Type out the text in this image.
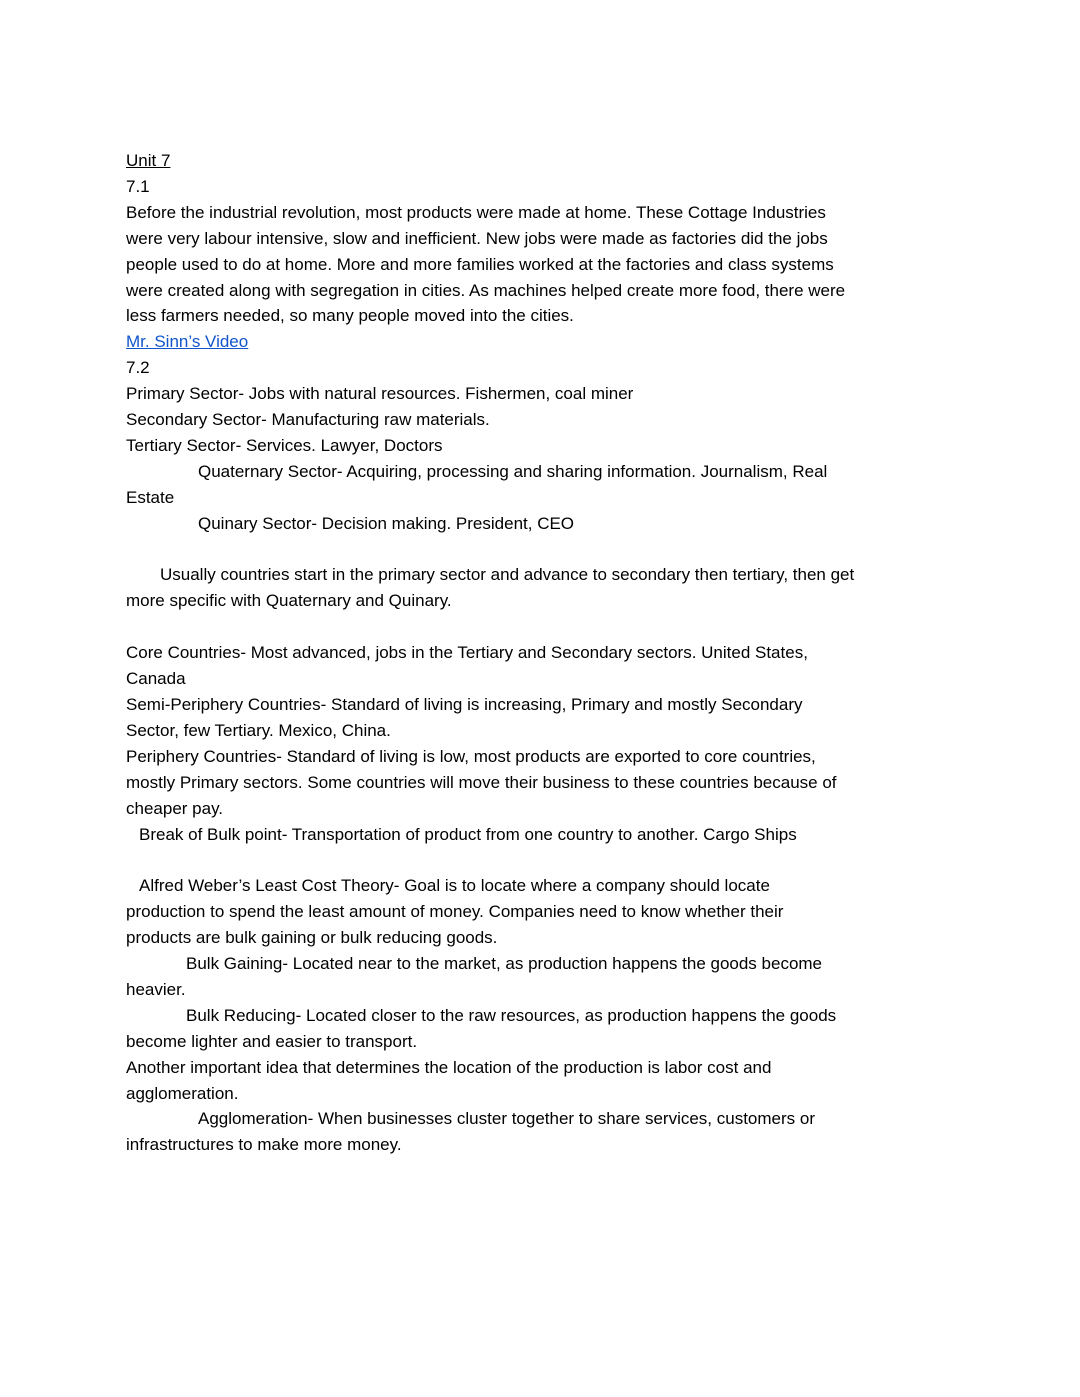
Unit 7
7.1
Before the industrial revolution, most products were made at home. These Cottage Industries
were very labour intensive, slow and inefficient. New jobs were made as factories did the jobs
people used to do at home. More and more families worked at the factories and class systems
were created along with segregation in cities. As machines helped create more food, there were
less farmers needed, so many people moved into the cities.
Mr. Sinn’s Video
7.2
Primary Sector- Jobs with natural resources. Fishermen, coal miner
Secondary Sector- Manufacturing raw materials.
Tertiary Sector- Services. Lawyer, Doctors
Quaternary Sector- Acquiring, processing and sharing information. Journalism, Real
Estate
Quinary Sector- Decision making. President, CEO
Usually countries start in the primary sector and advance to secondary then tertiary, then get
more specific with Quaternary and Quinary.
Core Countries- Most advanced, jobs in the Tertiary and Secondary sectors. United States,
Canada
Semi-Periphery Countries- Standard of living is increasing, Primary and mostly Secondary
Sector, few Tertiary. Mexico, China.
Periphery Countries- Standard of living is low, most products are exported to core countries,
mostly Primary sectors. Some countries will move their business to these countries because of
cheaper pay.
Break of Bulk point- Transportation of product from one country to another. Cargo Ships
Alfred Weber’s Least Cost Theory- Goal is to locate where a company should locate
production to spend the least amount of money. Companies need to know whether their
products are bulk gaining or bulk reducing goods.
Bulk Gaining- Located near to the market, as production happens the goods become
heavier.
Bulk Reducing- Located closer to the raw resources, as production happens the goods
become lighter and easier to transport.
Another important idea that determines the location of the production is labor cost and
agglomeration.
Agglomeration- When businesses cluster together to share services, customers or
infrastructures to make more money.
